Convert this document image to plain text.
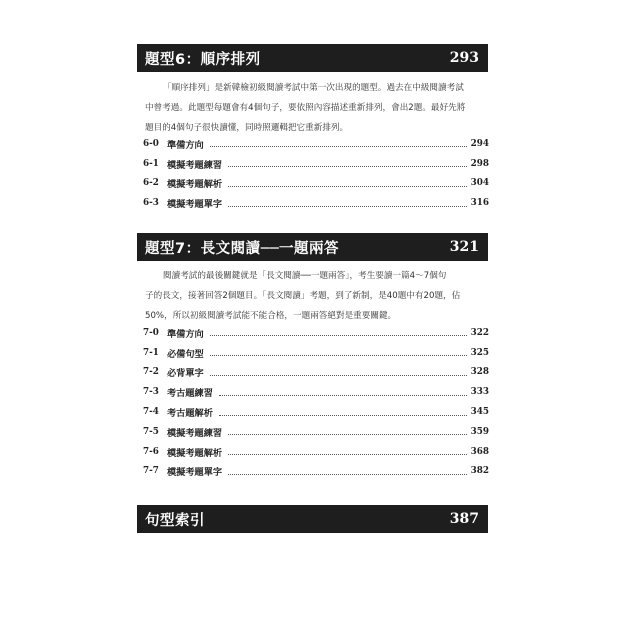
題型6：順序排列	293
「順序排列」是新韓檢初級閱讀考試中第一次出現的題型。過去在中級閱讀考試
中曾考過。此題型每題會有4個句子，要依照內容描述重新排列，會出2題。最好先將
題目的4個句子很快讀懂，同時照邏輯把它重新排列。
6-0 準備方向	294
6-1 模擬考題練習	298
6-2 模擬考題解析	304
6-3 模擬考題單字	316
題型7：長文閱讀──一題兩答	321
閱讀考試的最後關鍵就是「長文閱讀──一題兩答」，考生要讀一篇4～7個句
子的長文，接著回答2個題目。「長文閱讀」考題，到了新制，是40題中有20題，佔
50%，所以初級閱讀考試能不能合格，一題兩答絕對是重要關鍵。
7-0 準備方向	322
7-1 必備句型	325
7-2 必背單字	328
7-3 考古題練習	333
7-4 考古題解析	345
7-5 模擬考題練習	359
7-6 模擬考題解析	368
7-7 模擬考題單字	382
句型索引	387
